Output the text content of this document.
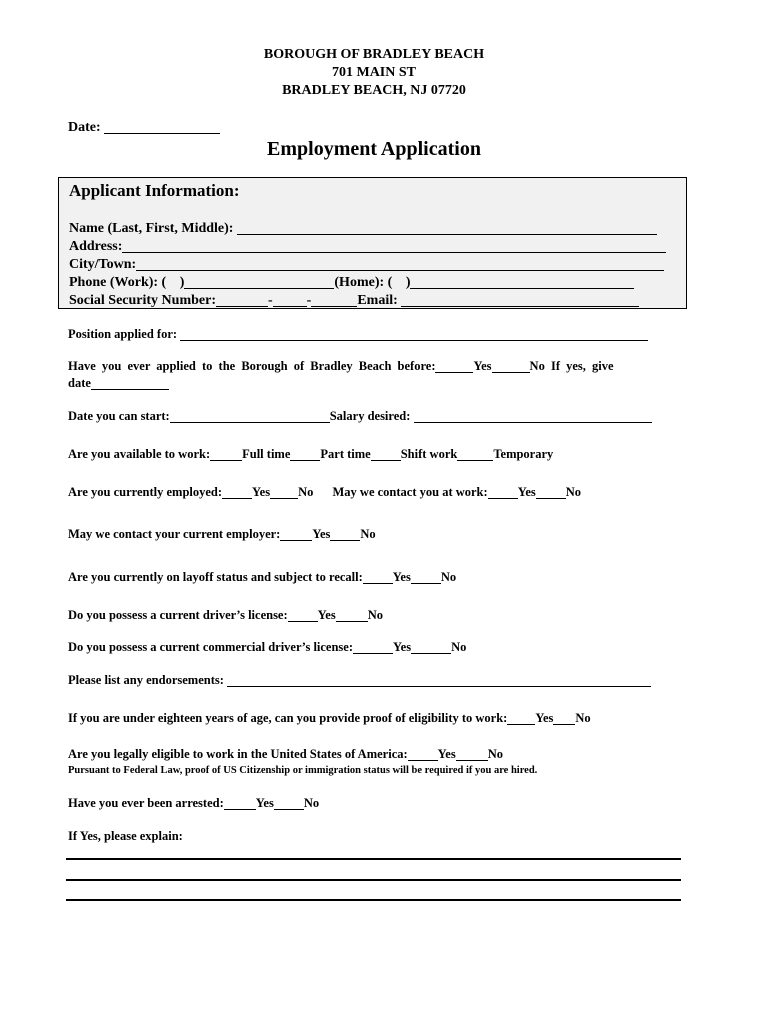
BOROUGH OF BRADLEY BEACH
701 MAIN ST
BRADLEY BEACH, NJ 07720
Date:
Employment Application
Applicant Information:
Name (Last, First, Middle):
Address:
City/Town:
Phone (Work): ( )	(Home): ( )
Social Security Number:	- -	Email:
Position applied for:
Have you ever applied to the Borough of Bradley Beach before:	Yes	No If yes, give
date
Date you can start:	Salary desired:
Are you available to work:	Full time Part time Shift work	Temporary
Are you currently employed: Yes No May we contact you at work: Yes No
May we contact your current employer:	Yes No
Are you currently on layoff status and subject to recall: Yes No
Do you possess a current driver’s license: Yes	No
Do you possess a current commercial driver’s license:	Yes	No
Please list any endorsements:
If you are under eighteen years of age, can you provide proof of eligibility to work: Yes No
Are you legally eligible to work in the United States of America: Yes	No
Pursuant to Federal Law, proof of US Citizenship or immigration status will be required if you are hired.
Have you ever been arrested:	Yes No
If Yes, please explain:
